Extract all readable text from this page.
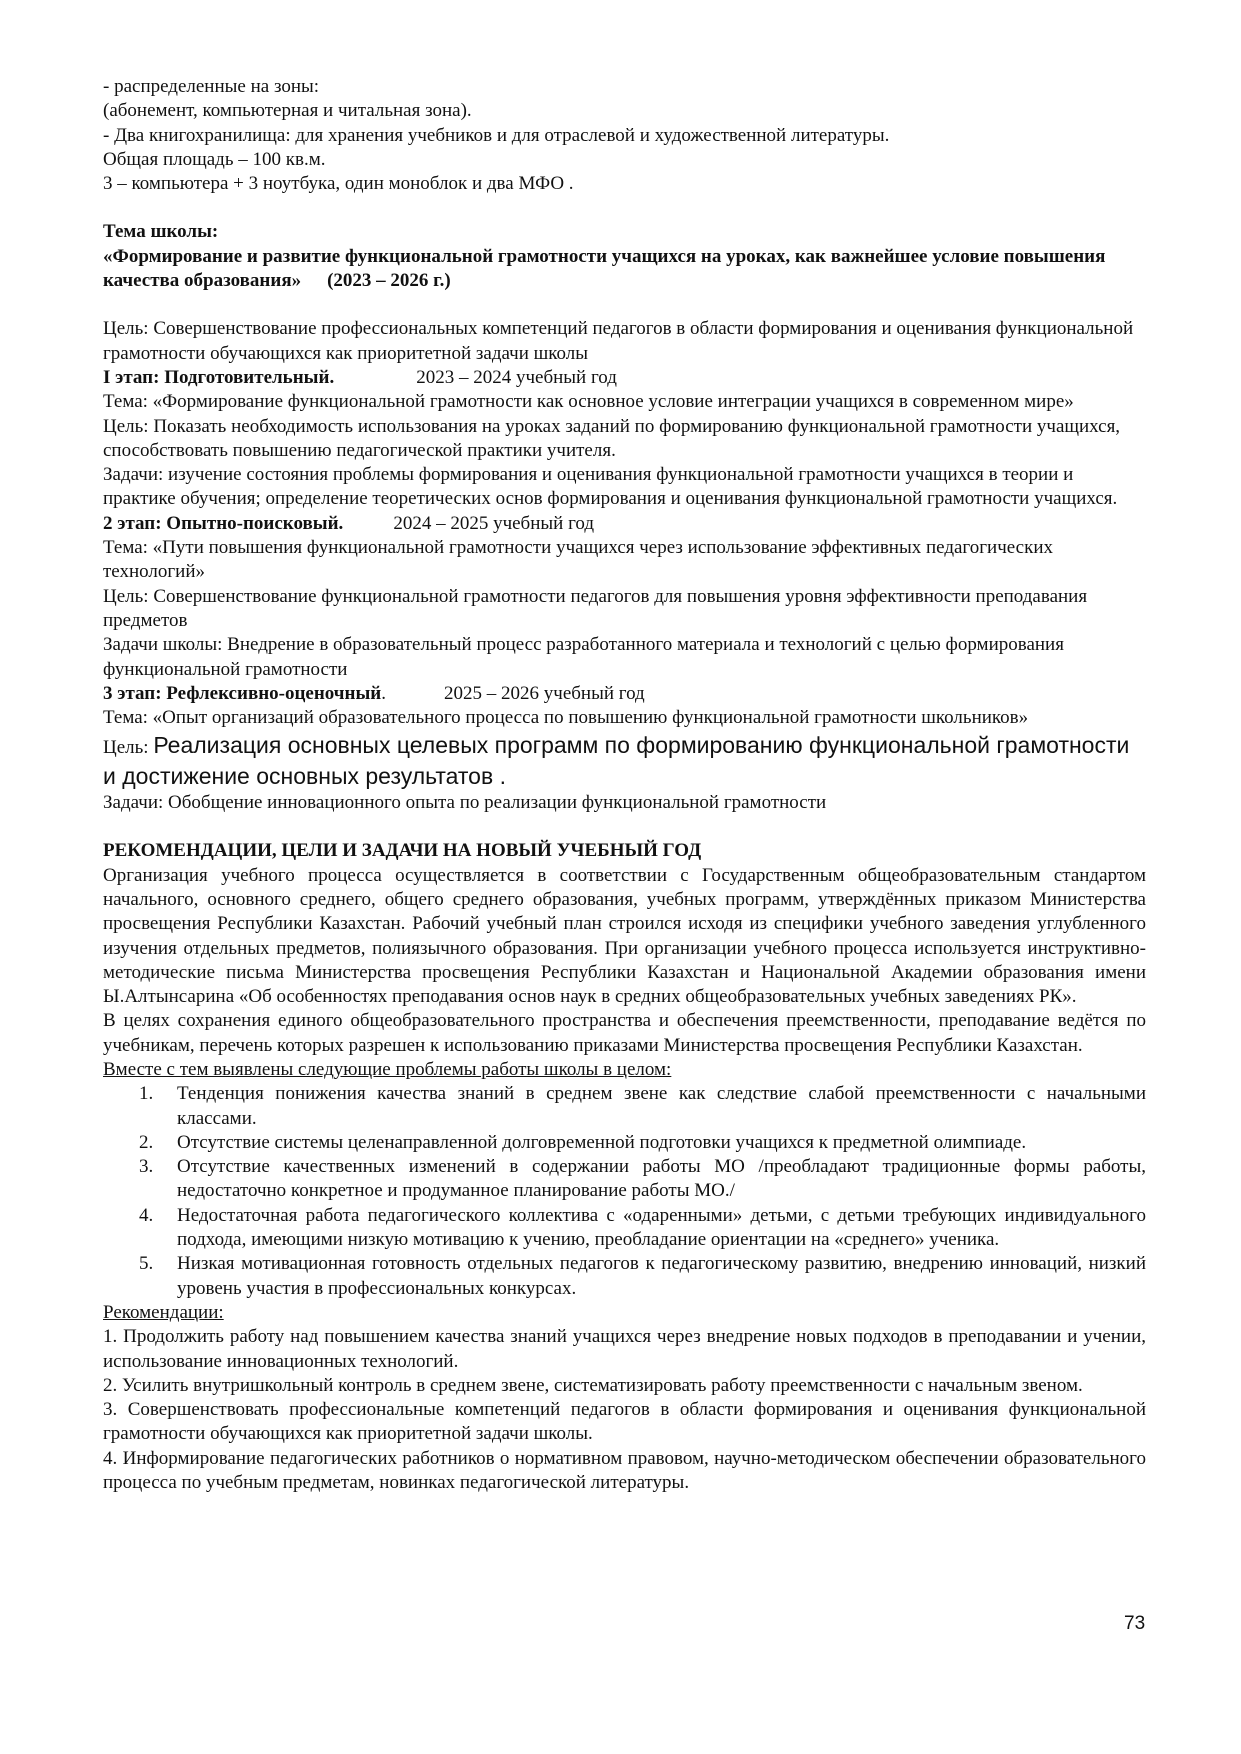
- распределенные на зоны:

(абонемент, компьютерная и читальная зона).

- Два книгохранилища: для хранения учебников и для отраслевой и художественной литературы.

Общая площадь – 100 кв.м.

3 – компьютера + 3 ноутбука, один моноблок и два МФО .

Тема школы:

«Формирование и развитие функциональной грамотности учащихся на уроках, как важнейшее условие повышения качества образования» (2023 – 2026 г.)

Цель: Совершенствование профессиональных компетенций педагогов в области формирования и оценивания функциональной грамотности обучающихся как приоритетной задачи школы

I этап: Подготовительный.	2023 – 2024 учебный год

Тема: «Формирование функциональной грамотности как основное условие интеграции учащихся в современном мире»

Цель: Показать необходимость использования на уроках заданий по формированию функциональной грамотности учащихся, способствовать повышению педагогической практики учителя.

Задачи: изучение состояния проблемы формирования и оценивания функциональной грамотности учащихся в теории и практике обучения; определение теоретических основ формирования и оценивания функциональной грамотности учащихся.

2 этап: Опытно-поисковый.	2024 – 2025 учебный год

Тема: «Пути повышения функциональной грамотности учащихся через использование эффективных педагогических технологий»

Цель: Совершенствование функциональной грамотности педагогов для повышения уровня эффективности преподавания предметов

Задачи школы: Внедрение в образовательный процесс разработанного материала и технологий с целью формирования функциональной грамотности

3 этап: Рефлексивно-оценочный.	2025 – 2026 учебный год

Тема: «Опыт организаций образовательного процесса по повышению функциональной грамотности школьников»

Цель: Реализация основных целевых программ по формированию функциональной грамотности и достижение основных результатов .

Задачи: Обобщение инновационного опыта по реализации функциональной грамотности

РЕКОМЕНДАЦИИ, ЦЕЛИ И ЗАДАЧИ НА НОВЫЙ УЧЕБНЫЙ ГОД

Организация учебного процесса осуществляется в соответствии с Государственным общеобразовательным стандартом начального, основного среднего, общего среднего образования, учебных программ, утверждённых приказом Министерства просвещения Республики Казахстан. Рабочий учебный план строился исходя из специфики учебного заведения углубленного изучения отдельных предметов, полиязычного образования. При организации учебного процесса используется инструктивно- методические письма Министерства просвещения Республики Казахстан и Национальной Академии образования имени Ы.Алтынсарина «Об особенностях преподавания основ наук в средних общеобразовательных учебных заведениях РК».

В целях сохранения единого общеобразовательного пространства и обеспечения преемственности, преподавание ведётся по учебникам, перечень которых разрешен к использованию приказами Министерства просвещения Республики Казахстан.

Вместе с тем выявлены следующие проблемы работы школы в целом:

1. Тенденция понижения качества знаний в среднем звене как следствие слабой преемственности с начальными классами.
2. Отсутствие системы целенаправленной долговременной подготовки учащихся к предметной олимпиаде.
3. Отсутствие качественных изменений в содержании работы МО /преобладают традиционные формы работы, недостаточно конкретное и продуманное планирование работы МО./
4. Недостаточная работа педагогического коллектива с «одаренными» детьми, с детьми требующих индивидуального подхода, имеющими низкую мотивацию к учению, преобладание ориентации на «среднего» ученика.
5. Низкая мотивационная готовность отдельных педагогов к педагогическому развитию, внедрению инноваций, низкий уровень участия в профессиональных конкурсах.

Рекомендации:

1. Продолжить работу над повышением качества знаний учащихся через внедрение новых подходов в преподавании и учении, использование инновационных технологий.

2. Усилить внутришкольный контроль в среднем звене, систематизировать работу преемственности с начальным звеном.

3. Совершенствовать профессиональные компетенций педагогов в области формирования и оценивания функциональной грамотности обучающихся как приоритетной задачи школы.

4. Информирование педагогических работников о нормативном правовом, научно-методическом обеспечении образовательного процесса по учебным предметам, новинках педагогической литературы.

73
